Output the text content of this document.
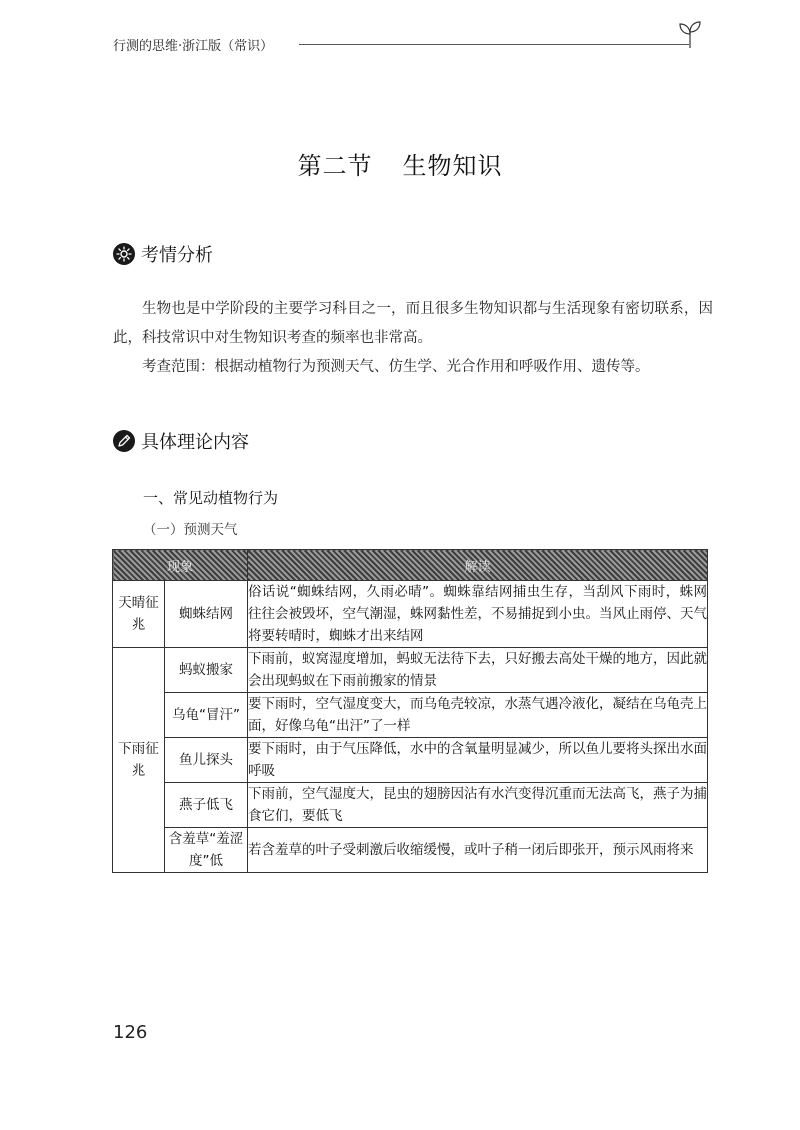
行测的思维·浙江版（常识）
第二节 生物知识
考情分析

生物也是中学阶段的主要学习科目之一，而且很多生物知识都与生活现象有密切联系，因此，科技常识中对生物知识考查的频率也非常高。

考查范围：根据动植物行为预测天气、仿生学、光合作用和呼吸作用、遗传等。

具体理论内容
一、常见动植物行为
（一）预测天气
现象		解读
天晴征兆	蜘蛛结网	俗话说“蜘蛛结网，久雨必晴”。蜘蛛靠结网捕虫生存，当刮风下雨时，蛛网往往会被毁坏，空气潮湿，蛛网黏性差，不易捕捉到小虫。当风止雨停、天气将要转晴时，蜘蛛才出来结网
下雨征兆	蚂蚁搬家	下雨前，蚁窝湿度增加，蚂蚁无法待下去，只好搬去高处干燥的地方，因此就会出现蚂蚁在下雨前搬家的情景
	乌龟“冒汗”	要下雨时，空气湿度变大，而乌龟壳较凉，水蒸气遇冷液化，凝结在乌龟壳上面，好像乌龟“出汗”了一样
	鱼儿探头	要下雨时，由于气压降低，水中的含氧量明显减少，所以鱼儿要将头探出水面呼吸
	燕子低飞	下雨前，空气湿度大，昆虫的翅膀因沾有水汽变得沉重而无法高飞，燕子为捕食它们，要低飞
	含羞草“羞涩度”低	若含羞草的叶子受刺激后收缩缓慢，或叶子稍一闭后即张开，预示风雨将来
126
